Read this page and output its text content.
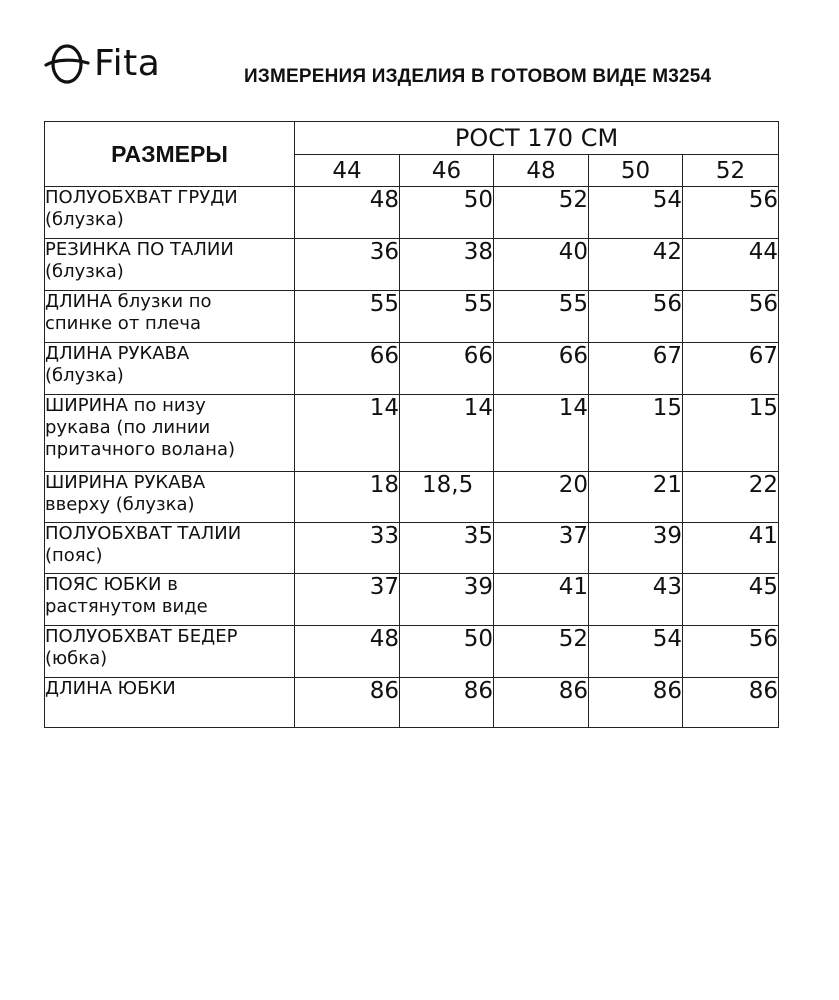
Fita	ИЗМЕРЕНИЯ ИЗДЕЛИЯ В ГОТОВОМ ВИДЕ М3254
РАЗМЕРЫ	РОСТ 170 СМ				
	44	46	48	50	52

ПОЛУОБХВАТ ГРУДИ
(блузка)	48	50	52	54	56

РЕЗИНКА ПО ТАЛИИ
(блузка)	36	38	40	42	44

ДЛИНА блузки по
спинке от плеча	55	55	55	56	56

ДЛИНА РУКАВА
(блузка)	66	66	66	67	67

ШИРИНА по низу
рукава (по линии
притачного волана)	14	14	14	15	15

ШИРИНА РУКАВА
вверху (блузка)	18	18,5	20	21	22

ПОЛУОБХВАТ ТАЛИИ
(пояс)	33	35	37	39	41

ПОЯС ЮБКИ в
растянутом виде	37	39	41	43	45

ПОЛУОБХВАТ БЕДЕР
(юбка)	48	50	52	54	56

ДЛИНА ЮБКИ	86	86	86	86	86
